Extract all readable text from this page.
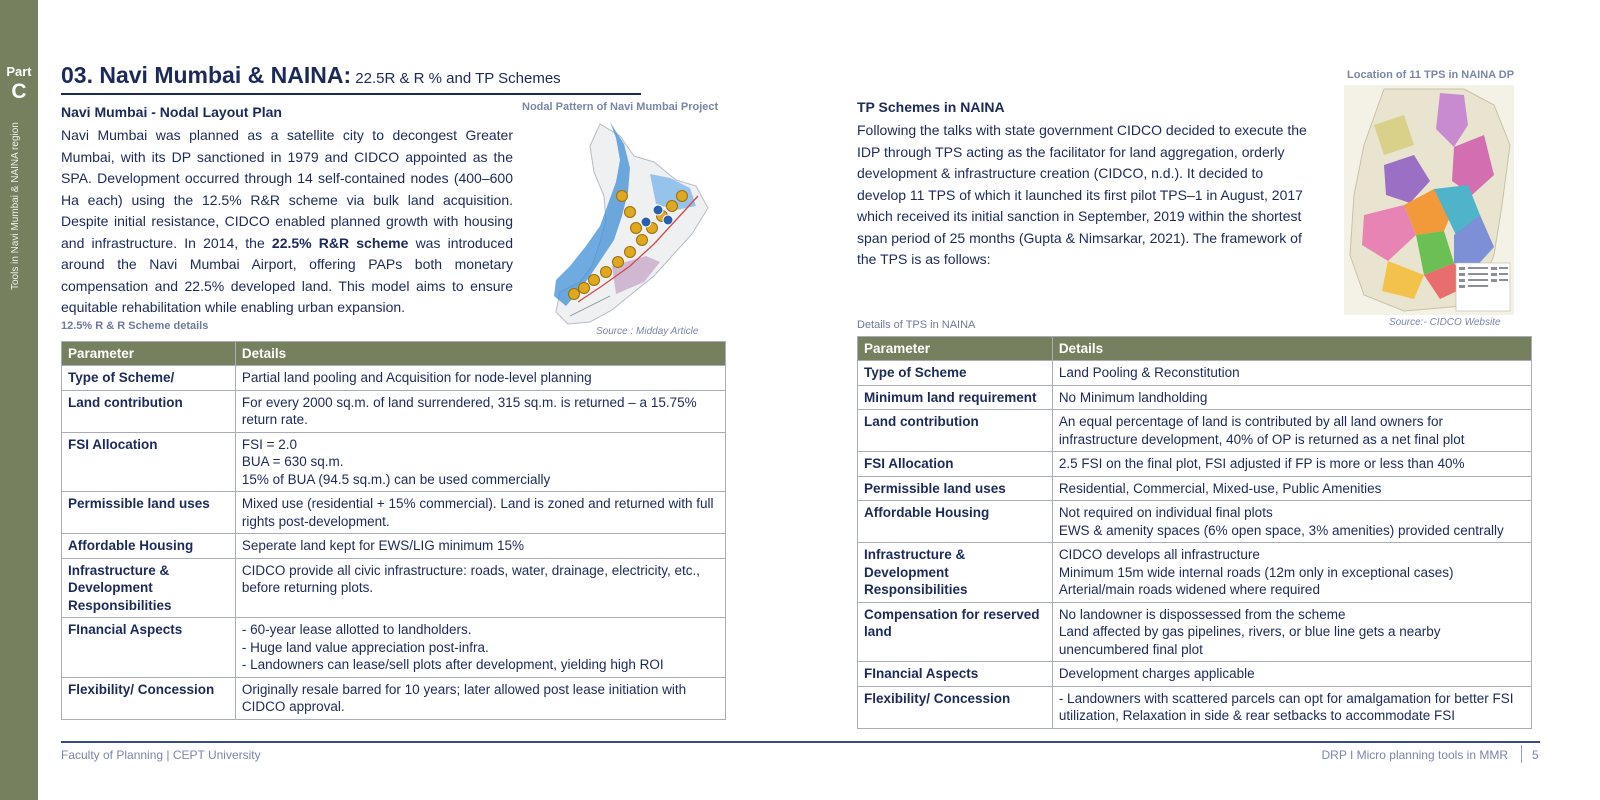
Part
C
Tools in Navi Mumbai & NAINA region
03. Navi Mumbai & NAINA: 22.5R & R % and TP Schemes
Navi Mumbai - Nodal Layout Plan
Navi Mumbai was planned as a satellite city to decongest Greater Mumbai, with its DP sanctioned in 1979 and CIDCO appointed as the SPA. Development occurred through 14 self-contained nodes (400–600 Ha each) using the 12.5% R&R scheme via bulk land acquisition. Despite initial resistance, CIDCO enabled planned growth with housing and infrastructure. In 2014, the 22.5% R&R scheme was introduced around the Navi Mumbai Airport, offering PAPs both monetary compensation and 22.5% developed land. This model aims to ensure equitable rehabilitation while enabling urban expansion.
Nodal Pattern of Navi Mumbai Project
Source : Midday Article
12.5% R & R Scheme details
Parameter	Details
Type of Scheme/	Partial land pooling and Acquisition for node-level planning

Land contribution	For every 2000 sq.m. of land surrendered, 315 sq.m. is returned – a 15.75% return rate.

FSI Allocation	FSI = 2.0
BUA = 630 sq.m.
15% of BUA (94.5 sq.m.) can be used commercially

Permissible land uses	Mixed use (residential + 15% commercial). Land is zoned and returned with full rights post-development.

Affordable Housing	Seperate land kept for EWS/LIG minimum 15%

Infrastructure & Development Responsibilities	CIDCO provide all civic infrastructure: roads, water, drainage, electricity, etc., before returning plots.

FInancial Aspects	- 60-year lease allotted to landholders.
- Huge land value appreciation post-infra.
- Landowners can lease/sell plots after development, yielding high ROI

Flexibility/ Concession	Originally resale barred for 10 years; later allowed post lease initiation with CIDCO approval.
TP Schemes in NAINA
Following the talks with state government CIDCO decided to execute the IDP through TPS acting as the facilitator for land aggregation, orderly development & infrastructure creation (CIDCO, n.d.). It decided to develop 11 TPS of which it launched its first pilot TPS–1 in August, 2017 which received its initial sanction in September, 2019 within the shortest span period of 25 months (Gupta & Nimsarkar, 2021). The framework of the TPS is as follows:
Location of 11 TPS in NAINA DP
Source:- CIDCO Website
Details of TPS in NAINA
Parameter	Details
Type of Scheme	Land Pooling & Reconstitution

Minimum land requirement	No Minimum landholding

Land contribution	An equal percentage of land is contributed by all land owners for infrastructure development, 40% of OP is returned as a net final plot

FSI Allocation	2.5 FSI on the final plot, FSI adjusted if FP is more or less than 40%

Permissible land uses	Residential, Commercial, Mixed-use, Public Amenities

Affordable Housing	Not required on individual final plots
EWS & amenity spaces (6% open space, 3% amenities) provided centrally

Infrastructure & Development Responsibilities	CIDCO develops all infrastructure
Minimum 15m wide internal roads (12m only in exceptional cases)
Arterial/main roads widened where required

Compensation for reserved land	No landowner is dispossessed from the scheme
Land affected by gas pipelines, rivers, or blue line gets a nearby unencumbered final plot

FInancial Aspects	Development charges applicable

Flexibility/ Concession	- Landowners with scattered parcels can opt for amalgamation for better FSI utilization, Relaxation in side & rear setbacks to accommodate FSI
Faculty of Planning | CEPT University	DRP I Micro planning tools in MMR 5
